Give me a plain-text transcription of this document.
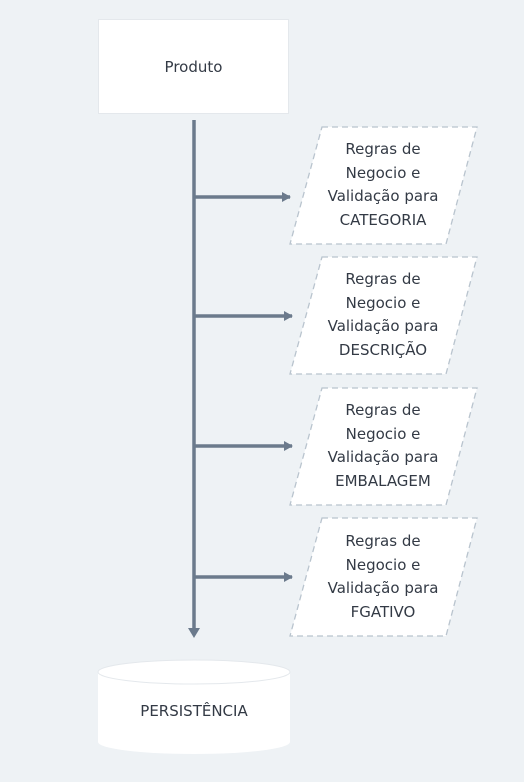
Produto
Regras de
Negocio e
Validação para
CATEGORIA
Regras de
Negocio e
Validação para
DESCRIÇÃO
Regras de
Negocio e
Validação para
EMBALAGEM
Regras de
Negocio e
Validação para
FGATIVO
PERSISTÊNCIA
